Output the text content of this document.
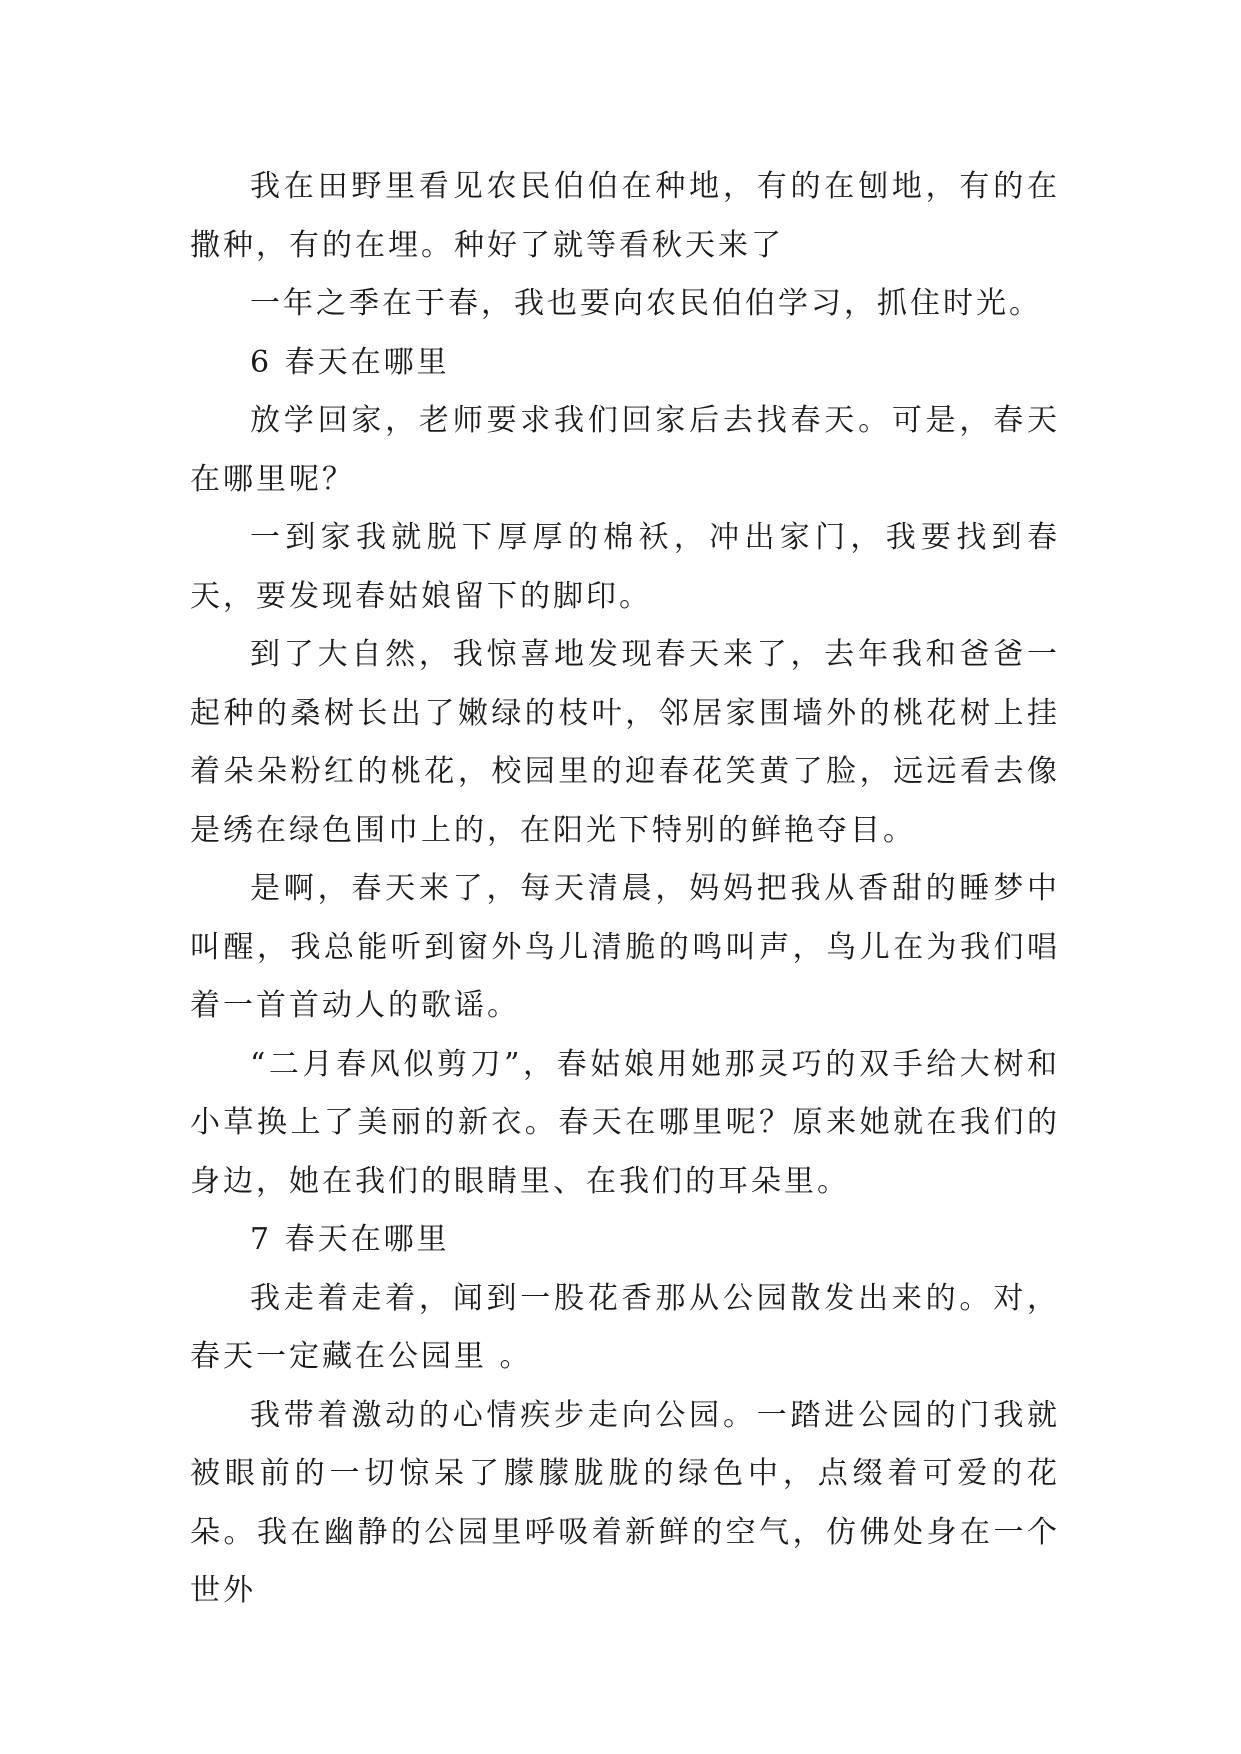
我在田野里看见农民伯伯在种地，有的在刨地，有的在撒种，有的在埋。种好了就等看秋天来了

一年之季在于春，我也要向农民伯伯学习，抓住时光。

6 春天在哪里

放学回家，老师要求我们回家后去找春天。可是，春天在哪里呢？

一到家我就脱下厚厚的棉袄，冲出家门，我要找到春天，要发现春姑娘留下的脚印。

到了大自然，我惊喜地发现春天来了，去年我和爸爸一起种的桑树长出了嫩绿的枝叶，邻居家围墙外的桃花树上挂着朵朵粉红的桃花，校园里的迎春花笑黄了脸，远远看去像是绣在绿色围巾上的，在阳光下特别的鲜艳夺目。

是啊，春天来了，每天清晨，妈妈把我从香甜的睡梦中叫醒，我总能听到窗外鸟儿清脆的鸣叫声，鸟儿在为我们唱着一首首动人的歌谣。

“二月春风似剪刀”，春姑娘用她那灵巧的双手给大树和小草换上了美丽的新衣。春天在哪里呢？原来她就在我们的身边，她在我们的眼睛里、在我们的耳朵里。

7 春天在哪里

我走着走着，闻到一股花香那从公园散发出来的。对，春天一定藏在公园里 。

我带着激动的心情疾步走向公园。一踏进公园的门我就被眼前的一切惊呆了朦朦胧胧的绿色中，点缀着可爱的花朵。我在幽静的公园里呼吸着新鲜的空气，仿佛处身在一个世外
